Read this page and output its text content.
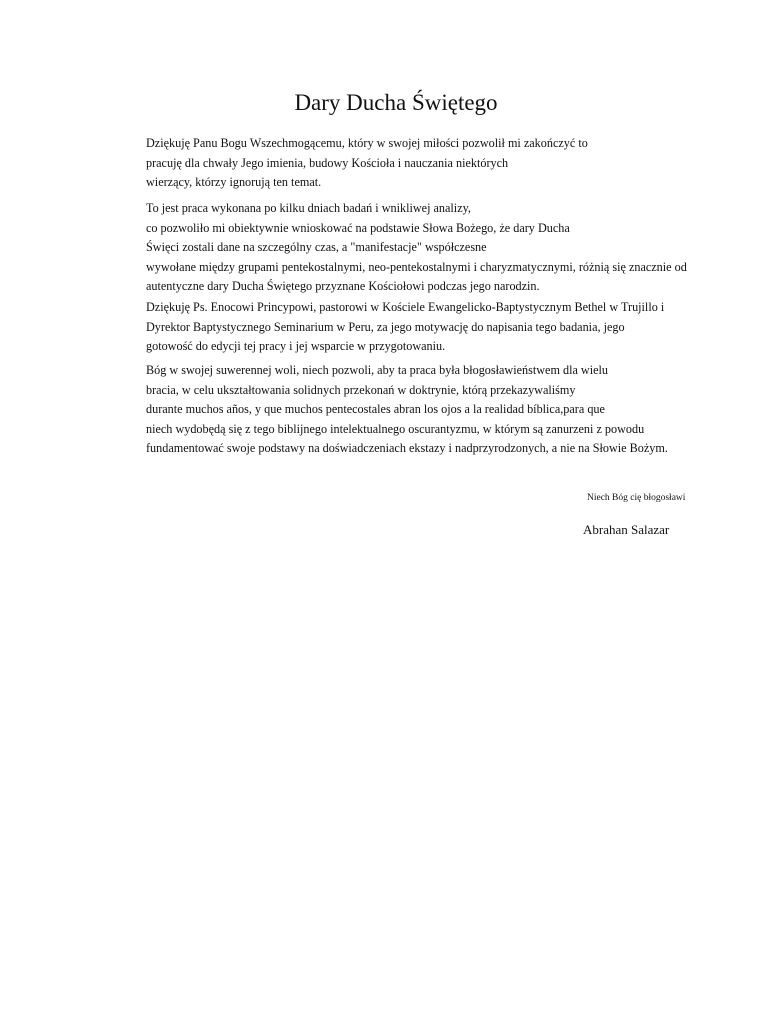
Dary Ducha Świętego

Dziękuję Panu Bogu Wszechmogącemu, który w swojej miłości pozwolił mi zakończyć to
pracuję dla chwały Jego imienia, budowy Kościoła i nauczania niektórych
wierzący, którzy ignorują ten temat.

To jest praca wykonana po kilku dniach badań i wnikliwej analizy,
co pozwoliło mi obiektywnie wnioskować na podstawie Słowa Bożego, że dary Ducha
Święci zostali dane na szczególny czas, a "manifestacje" współczesne
wywołane między grupami pentekostalnymi, neo-pentekostalnymi i charyzmatycznymi, różnią się znacznie od
autentyczne dary Ducha Świętego przyznane Kościołowi podczas jego narodzin.

Dziękuję Ps. Enocowi Princypowi, pastorowi w Kościele Ewangelicko-Baptystycznym Bethel w Trujillo i
Dyrektor Baptystycznego Seminarium w Peru, za jego motywację do napisania tego badania, jego
gotowość do edycji tej pracy i jej wsparcie w przygotowaniu.

Bóg w swojej suwerennej woli, niech pozwoli, aby ta praca była błogosławieństwem dla wielu
bracia, w celu ukształtowania solidnych przekonań w doktrynie, którą przekazywaliśmy
durante muchos años, y que muchos pentecostales abran los ojos a la realidad bíblica,para que
niech wydobędą się z tego biblijnego intelektualnego oscurantyzmu, w którym są zanurzeni z powodu
fundamentować swoje podstawy na doświadczeniach ekstazy i nadprzyrodzonych, a nie na Słowie Bożym.

Niech Bóg cię błogosławi
Abrahan Salazar
